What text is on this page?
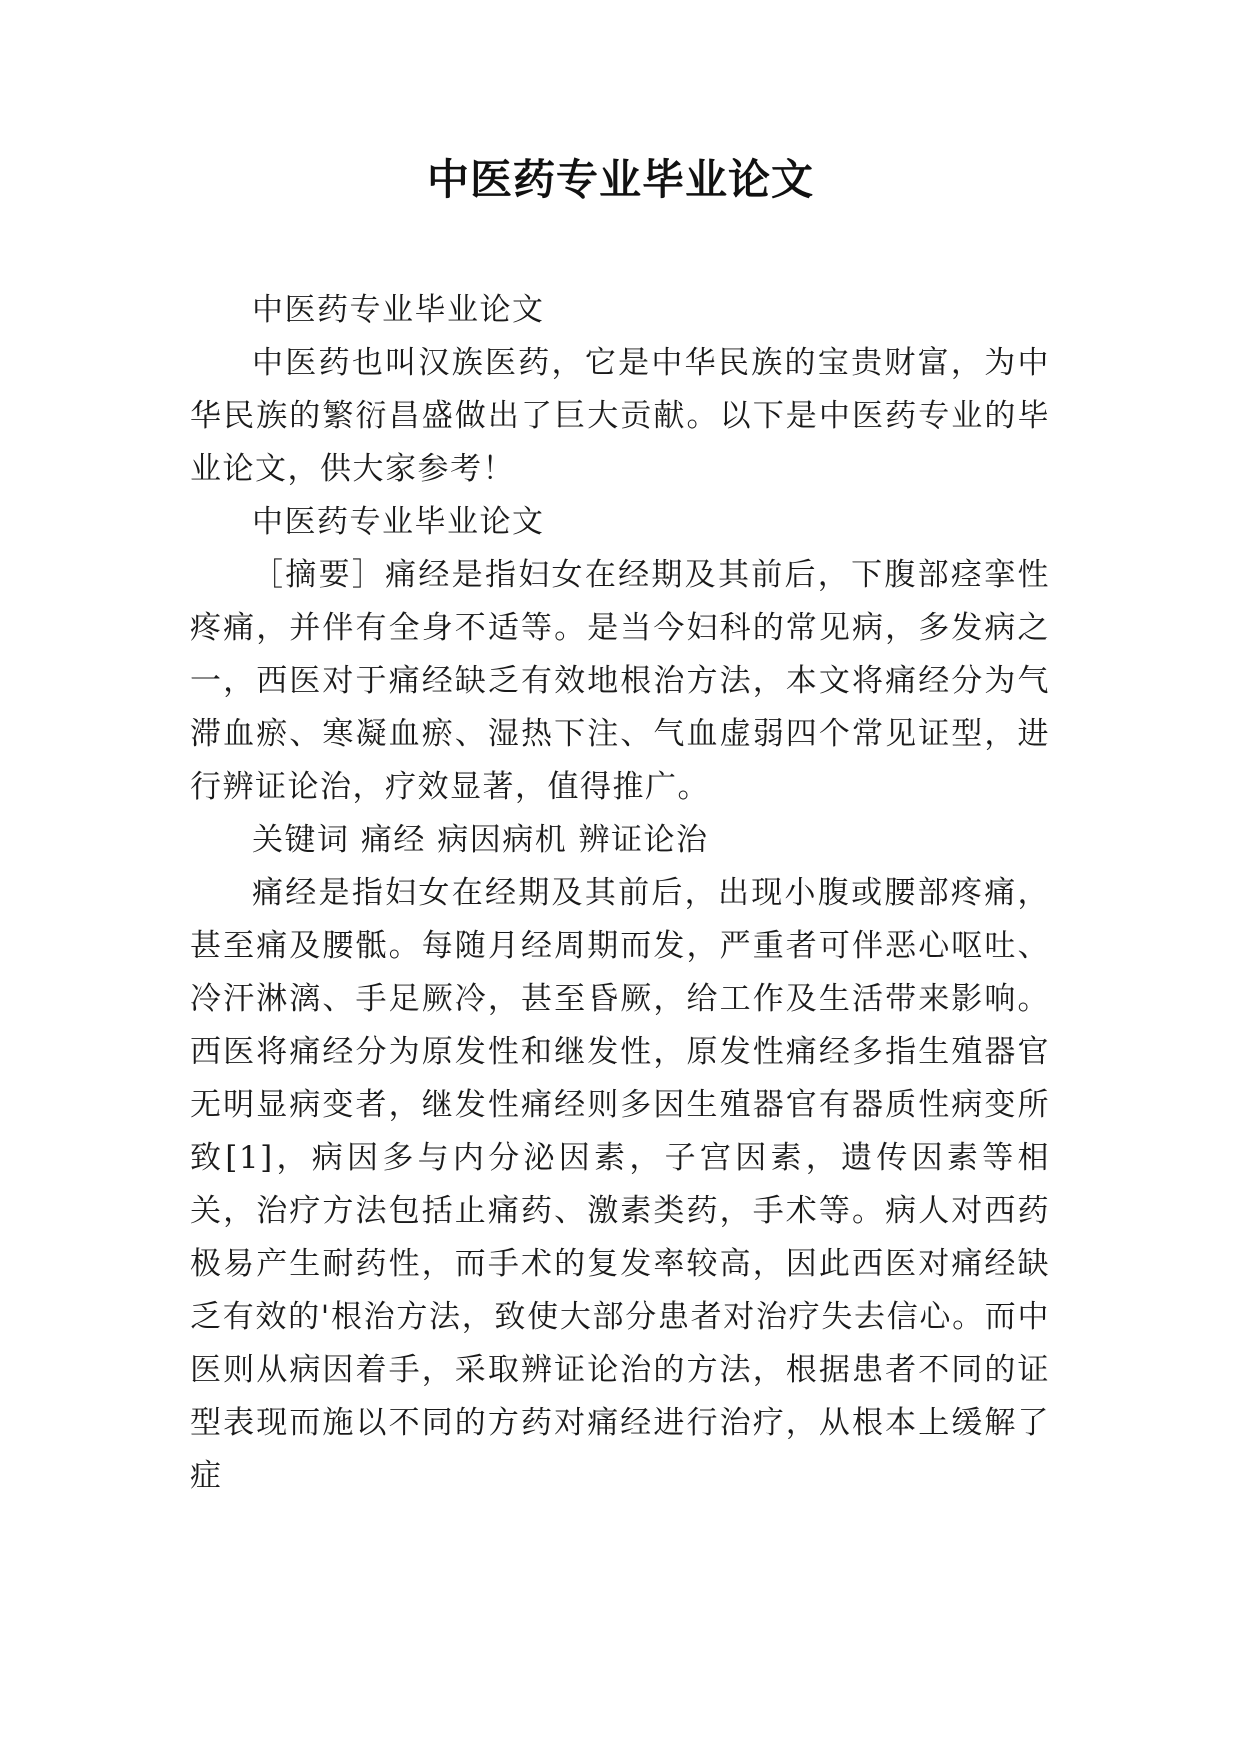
中医药专业毕业论文

中医药专业毕业论文

中医药也叫汉族医药，它是中华民族的宝贵财富，为中华民族的繁衍昌盛做出了巨大贡献。以下是中医药专业的毕业论文，供大家参考！

中医药专业毕业论文

［摘要］痛经是指妇女在经期及其前后，下腹部痉挛性疼痛，并伴有全身不适等。是当今妇科的常见病，多发病之一，西医对于痛经缺乏有效地根治方法，本文将痛经分为气滞血瘀、寒凝血瘀、湿热下注、气血虚弱四个常见证型，进行辨证论治，疗效显著，值得推广。

关键词 痛经 病因病机 辨证论治

痛经是指妇女在经期及其前后，出现小腹或腰部疼痛，甚至痛及腰骶。每随月经周期而发，严重者可伴恶心呕吐、冷汗淋漓、手足厥冷，甚至昏厥，给工作及生活带来影响。西医将痛经分为原发性和继发性，原发性痛经多指生殖器官无明显病变者，继发性痛经则多因生殖器官有器质性病变所致[1]，病因多与内分泌因素，子宫因素，遗传因素等相关，治疗方法包括止痛药、激素类药，手术等。病人对西药极易产生耐药性，而手术的复发率较高，因此西医对痛经缺乏有效的'根治方法，致使大部分患者对治疗失去信心。而中医则从病因着手，采取辨证论治的方法，根据患者不同的证型表现而施以不同的方药对痛经进行治疗，从根本上缓解了症
